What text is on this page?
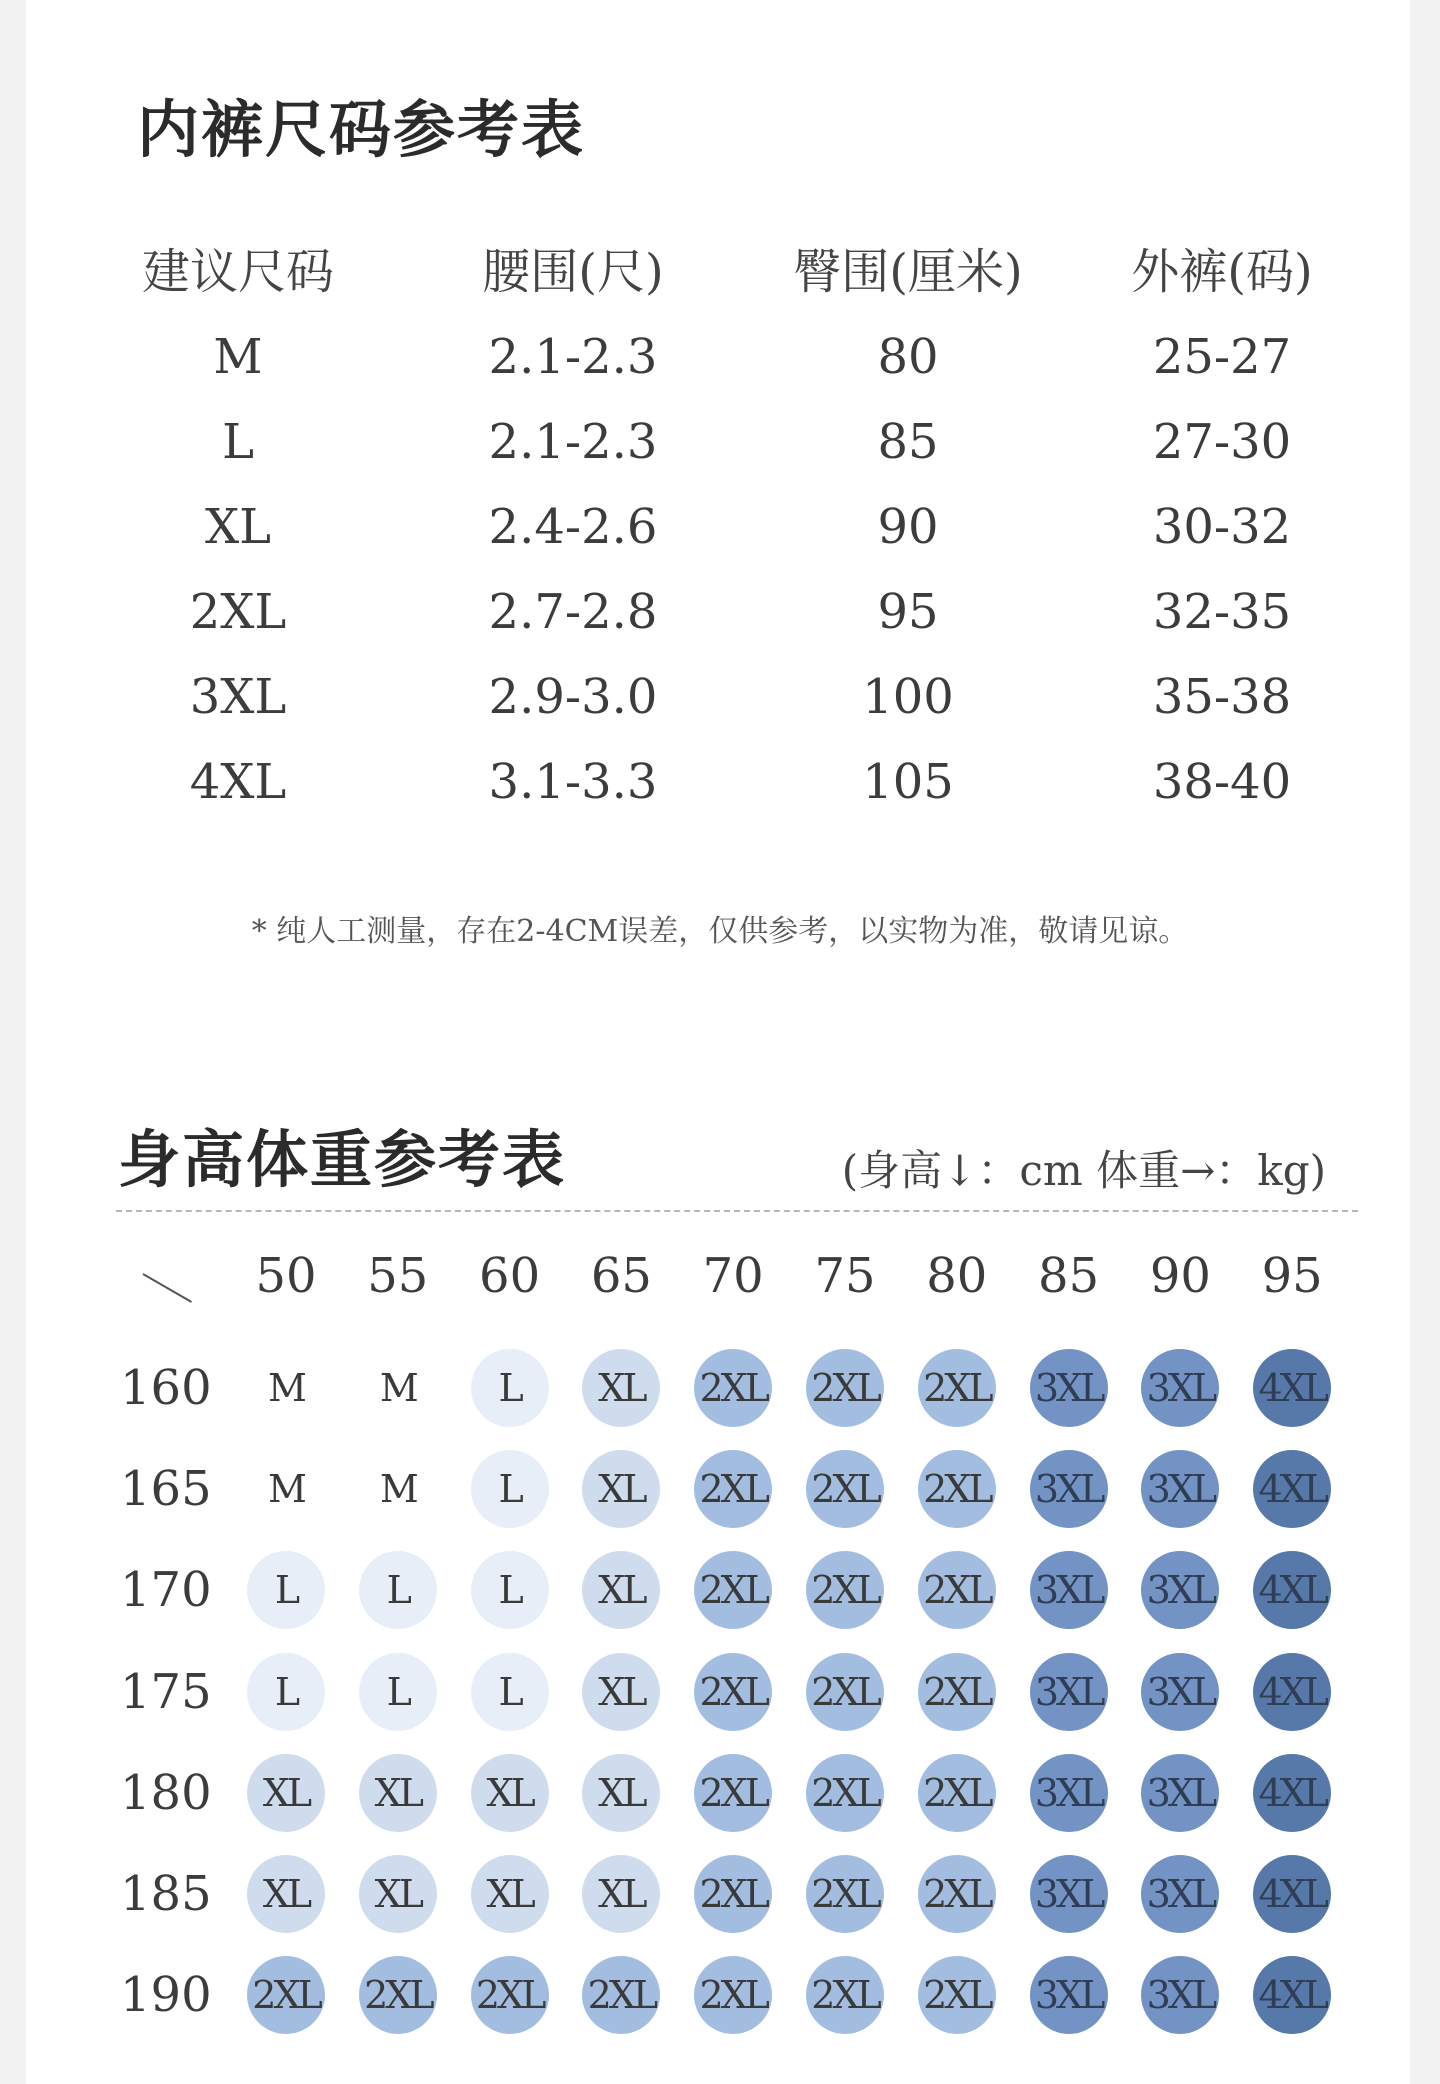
内裤尺码参考表
建议尺码	腰围(尺)	臀围(厘米)	外裤(码)
M	2.1-2.3	80	25-27
L	2.1-2.3	85	27-30
XL	2.4-2.6	90	30-32
2XL	2.7-2.8	95	32-35
3XL	2.9-3.0	100	35-38
4XL	3.1-3.3	105	38-40
* 纯人工测量，存在2-4CM误差，仅供参考，以实物为准，敬请见谅。
身高体重参考表	(身高↓：cm 体重→：kg)
50	55	60	65	70	75	80	85	90	95
160	M	M	L	XL	2XL 2XL 2XL 3XL 3XL 4XL
165	M	M	L	XL	2XL 2XL 2XL 3XL 3XL 4XL
170	L	L	L	XL	2XL 2XL 2XL 3XL 3XL 4XL
175	L	L	L	XL	2XL 2XL 2XL 3XL 3XL 4XL
180	XL	XL	XL	XL	2XL 2XL 2XL 3XL 3XL 4XL
185	XL	XL	XL	XL	2XL 2XL 2XL 3XL 3XL 4XL
190 2XL 2XL 2XL 2XL 2XL 2XL 2XL 3XL 3XL 4XL
